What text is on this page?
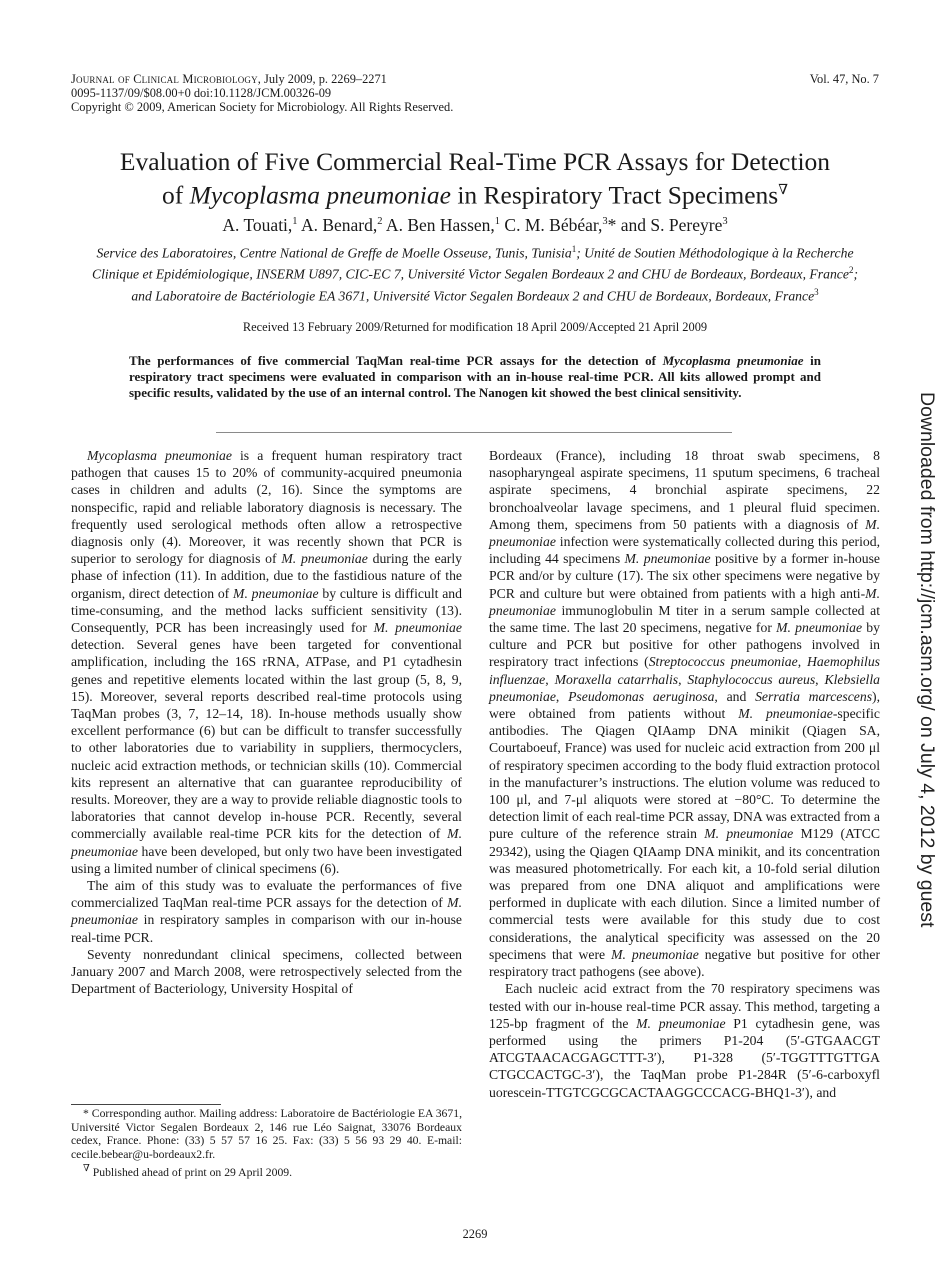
Journal of Clinical Microbiology, July 2009, p. 2269–2271
0095-1137/09/$08.00+0 doi:10.1128/JCM.00326-09
Copyright © 2009, American Society for Microbiology. All Rights Reserved.
Vol. 47, No. 7
Evaluation of Five Commercial Real-Time PCR Assays for Detection
of Mycoplasma pneumoniae in Respiratory Tract Specimens∇
A. Touati,$^1$ A. Benard,$^2$ A. Ben Hassen,$^1$ C. M. Bébéar,$^3$* and S. Pereyre$^3$
Service des Laboratoires, Centre National de Greffe de Moelle Osseuse, Tunis, Tunisia$^1$; Unité de Soutien Méthodologique à la Recherche Clinique et Epidémiologique, INSERM U897, CIC-EC 7, Université Victor Segalen Bordeaux 2 and CHU de Bordeaux, Bordeaux, France$^2$; and Laboratoire de Bactériologie EA 3671, Université Victor Segalen Bordeaux 2 and CHU de Bordeaux, Bordeaux, France$^3$
Received 13 February 2009/Returned for modification 18 April 2009/Accepted 21 April 2009
The performances of five commercial TaqMan real-time PCR assays for the detection of Mycoplasma pneumoniae in respiratory tract specimens were evaluated in comparison with an in-house real-time PCR. All kits allowed prompt and specific results, validated by the use of an internal control. The Nanogen kit showed the best clinical sensitivity.

Mycoplasma pneumoniae is a frequent human respiratory tract pathogen that causes 15 to 20% of community-acquired pneumonia cases in children and adults (2, 16). Since the symptoms are nonspecific, rapid and reliable laboratory diagnosis is necessary. The frequently used serological methods often allow a retrospective diagnosis only (4). Moreover, it was recently shown that PCR is superior to serology for diagnosis of M. pneumoniae during the early phase of infection (11). In addition, due to the fastidious nature of the organism, direct detection of M. pneumoniae by culture is difficult and time-consuming, and the method lacks sufficient sensitivity (13). Consequently, PCR has been increasingly used for M. pneumoniae detection. Several genes have been targeted for conventional amplification, including the 16S rRNA, ATPase, and P1 cytadhesin genes and repetitive elements located within the last group (5, 8, 9, 15). Moreover, several reports described real-time protocols using TaqMan probes (3, 7, 12–14, 18). In-house methods usually show excellent performance (6) but can be difficult to transfer successfully to other laboratories due to variability in suppliers, thermocyclers, nucleic acid extraction methods, or technician skills (10). Commercial kits represent an alternative that can guarantee reproducibility of results. Moreover, they are a way to provide reliable diagnostic tools to laboratories that cannot develop in-house PCR. Recently, several commercially available real-time PCR kits for the detection of M. pneumoniae have been developed, but only two have been investigated using a limited number of clinical specimens (6).

The aim of this study was to evaluate the performances of five commercialized TaqMan real-time PCR assays for the detection of M. pneumoniae in respiratory samples in comparison with our in-house real-time PCR.

Seventy nonredundant clinical specimens, collected between January 2007 and March 2008, were retrospectively selected from the Department of Bacteriology, University Hospital of

Bordeaux (France), including 18 throat swab specimens, 8 nasopharyngeal aspirate specimens, 11 sputum specimens, 6 tracheal aspirate specimens, 4 bronchial aspirate specimens, 22 bronchoalveolar lavage specimens, and 1 pleural fluid specimen. Among them, specimens from 50 patients with a diagnosis of M. pneumoniae infection were systematically collected during this period, including 44 specimens M. pneumoniae positive by a former in-house PCR and/or by culture (17). The six other specimens were negative by PCR and culture but were obtained from patients with a high anti-M. pneumoniae immunoglobulin M titer in a serum sample collected at the same time. The last 20 specimens, negative for M. pneumoniae by culture and PCR but positive for other pathogens involved in respiratory tract infections (Streptococcus pneumoniae, Haemophilus influenzae, Moraxella catarrhalis, Staphylococcus aureus, Klebsiella pneumoniae, Pseudomonas aeruginosa, and Serratia marcescens), were obtained from patients without M. pneumoniae-specific antibodies. The Qiagen QIAamp DNA minikit (Qiagen SA, Courtaboeuf, France) was used for nucleic acid extraction from 200 μl of respiratory specimen according to the body fluid extraction protocol in the manufacturer’s instructions. The elution volume was reduced to 100 μl, and 7-μl aliquots were stored at −80°C. To determine the detection limit of each real-time PCR assay, DNA was extracted from a pure culture of the reference strain M. pneumoniae M129 (ATCC 29342), using the Qiagen QIAamp DNA minikit, and its concentration was measured photometrically. For each kit, a 10-fold serial dilution was prepared from one DNA aliquot and amplifications were performed in duplicate with each dilution. Since a limited number of commercial tests were available for this study due to cost considerations, the analytical specificity was assessed on the 20 specimens that were M. pneumoniae negative but positive for other respiratory tract pathogens (see above).

Each nucleic acid extract from the 70 respiratory specimens was tested with our in-house real-time PCR assay. This method, targeting a 125-bp fragment of the M. pneumoniae P1 cytadhesin gene, was performed using the primers P1-204 (5′-GTGAACGT ATCGTAACACGAGCTTT-3′), P1-328 (5′-TGGTTTGTTGA CTGCCACTGC-3′), the TaqMan probe P1-284R (5′-6-carboxyfl uorescein-TTGTCGCGCACTAAGGCCCACG-BHQ1-3′), and

* Corresponding author. Mailing address: Laboratoire de Bactériologie EA 3671, Université Victor Segalen Bordeaux 2, 146 rue Léo Saignat, 33076 Bordeaux cedex, France. Phone: (33) 5 57 57 16 25. Fax: (33) 5 56 93 29 40. E-mail: cecile.bebear@u-bordeaux2.fr.

∇ Published ahead of print on 29 April 2009.

2269
Downloaded from http://jcm.asm.org/ on July 4, 2012 by guest
